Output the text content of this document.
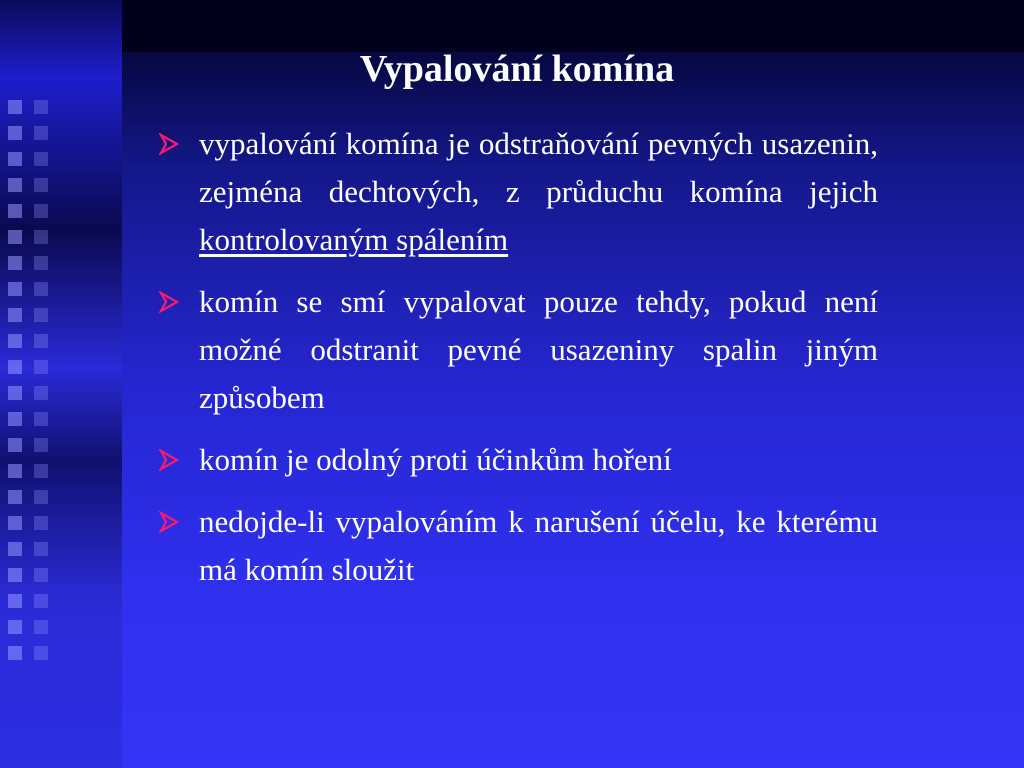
Vypalování komína
vypalování komína je odstraňování pevných usazenin, zejména dechtových, z průduchu komína jejich kontrolovaným spálením
komín se smí vypalovat pouze tehdy, pokud není možné odstranit pevné usazeniny spalin jiným způsobem
komín je odolný proti účinkům hoření
nedojde-li vypalováním k narušení účelu, ke kterému má komín sloužit
